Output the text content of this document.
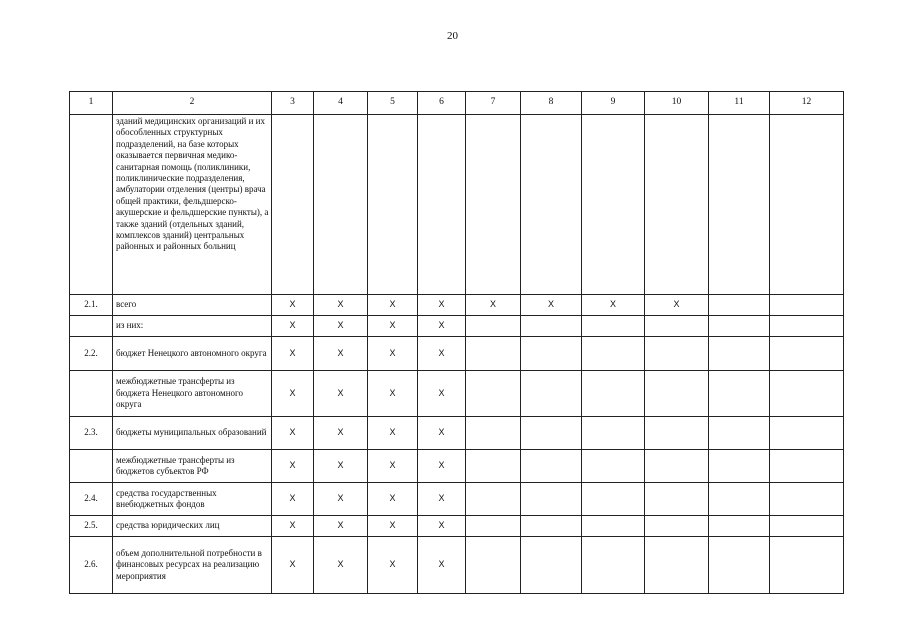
20
1	2	3	4	5	6	7	8	9	10	11	12
	зданий медицинских организаций и их обособленных структурных подразделений, на базе которых оказывается первичная медико-санитарная помощь (поликлиники, поликлинические подразделения, амбулатории отделения (центры) врача общей практики, фельдшерско-акушерские и фельдшерские пункты), а также зданий (отдельных зданий, комплексов зданий) центральных районных и районных больниц										
2.1.	всего	X	X	X	X	X	X	X	X		
	из них:	X	X	X	X						
2.2.	бюджет Ненецкого автономного округа	X	X	X	X						
	межбюджетные трансферты из бюджета Ненецкого автономного округа	X	X	X	X						
2.3.	бюджеты муниципальных образований	X	X	X	X						
	межбюджетные трансферты из бюджетов субъектов РФ	X	X	X	X						
2.4.	средства государственных внебюджетных фондов	X	X	X	X						
2.5.	средства юридических лиц	X	X	X	X						
2.6.	объем дополнительной потребности в финансовых ресурсах на реализацию мероприятия	X	X	X	X						
